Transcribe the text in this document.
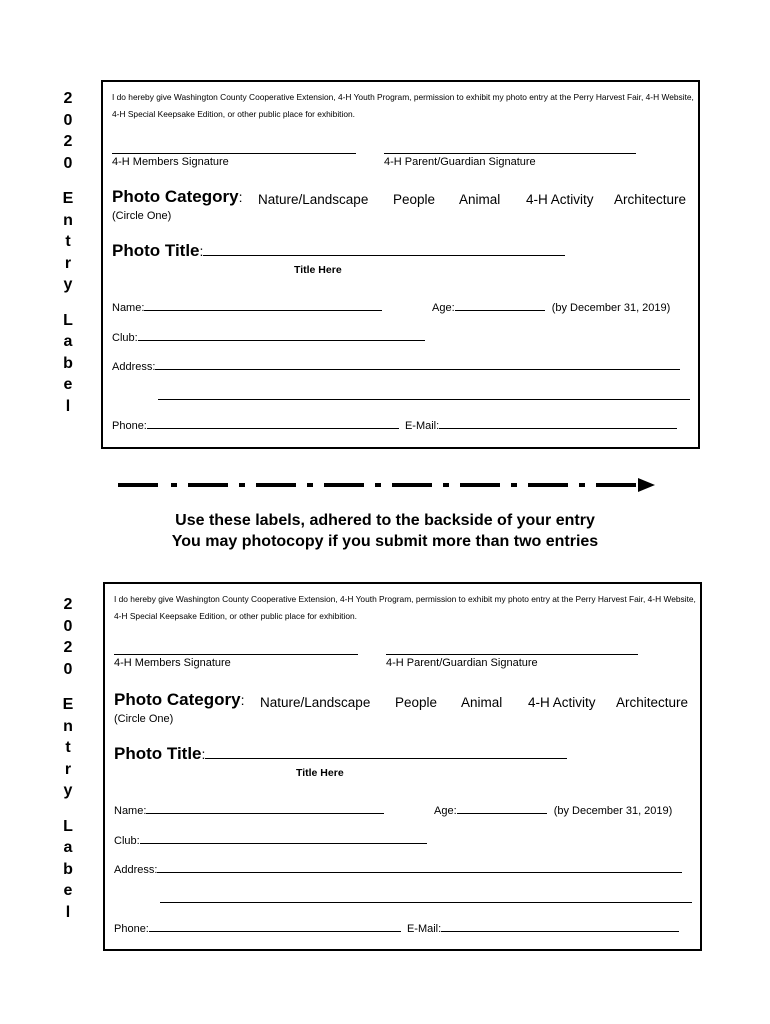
2
0
2
0
E
n
t
r
y
L
a
b
e
l
I do hereby give Washington County Cooperative Extension, 4-H Youth Program, permission to exhibit my photo entry at the Perry Harvest Fair, 4-H Website, 4-H Special Keepsake Edition, or other public place for exhibition.
4-H Members Signature	4-H Parent/Guardian Signature
Photo Category: Nature/Landscape People Animal 4-H Activity Architecture
(Circle One)
Photo Title:
Title Here
Name:	Age:	(by December 31, 2019)
Club:
Address:
Phone:	E-Mail:
Use these labels, adhered to the backside of your entry
You may photocopy if you submit more than two entries
2
0
2
0
E
n
t
r
y
L
a
b
e
l
I do hereby give Washington County Cooperative Extension, 4-H Youth Program, permission to exhibit my photo entry at the Perry Harvest Fair, 4-H Website, 4-H Special Keepsake Edition, or other public place for exhibition.
4-H Members Signature	4-H Parent/Guardian Signature
Photo Category: Nature/Landscape People Animal 4-H Activity Architecture
(Circle One)
Photo Title:
Title Here
Name:	Age:	(by December 31, 2019)
Club:
Address:
Phone:	E-Mail:
